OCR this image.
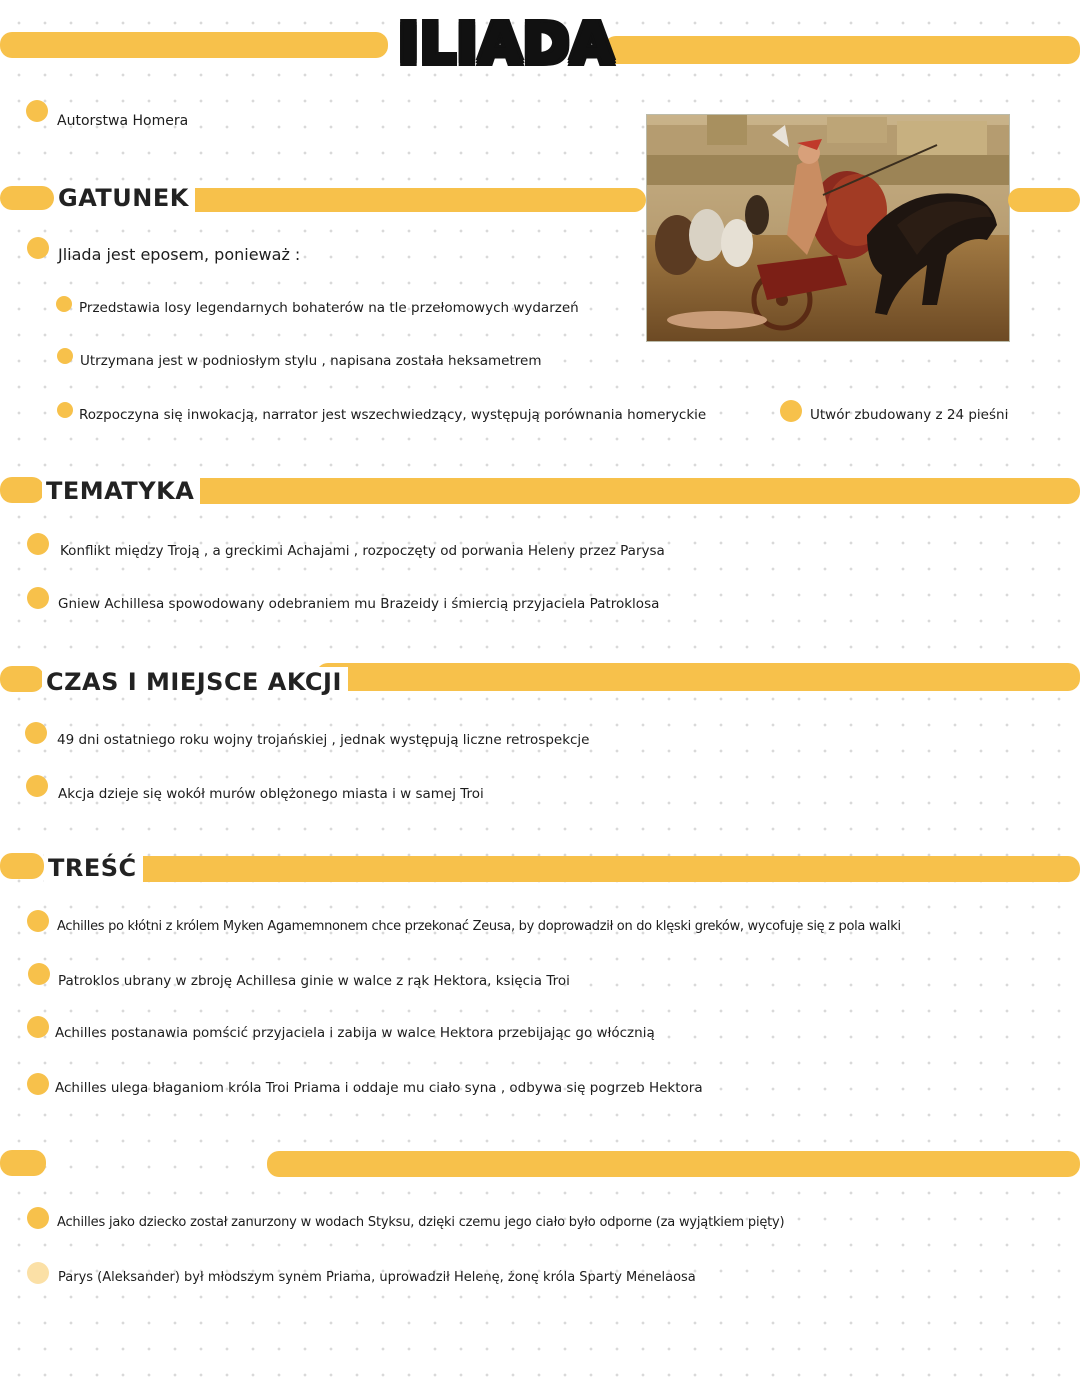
ILIADA
Autorstwa Homera
GATUNEK
Jliada jest eposem, ponieważ :
Przedstawia losy legendarnych bohaterów na tle przełomowych wydarzeń
Utrzymana jest w podniosłym stylu , napisana została heksametrem
Rozpoczyna się inwokacją, narrator jest wszechwiedzący, występują porównania homeryckie	Utwór zbudowany z 24 pieśni
TEMATYKA
Konflikt między Troją , a greckimi Achajami , rozpoczęty od porwania Heleny przez Parysa
Gniew Achillesa spowodowany odebraniem mu Brazeidy i śmiercią przyjaciela Patroklosa
CZAS I MIEJSCE AKCJI
49 dni ostatniego roku wojny trojańskiej , jednak występują liczne retrospekcje
Akcja dzieje się wokół murów oblężonego miasta i w samej Troi
TREŚĆ
Achilles po kłótni z królem Myken Agamemnonem chce przekonać Zeusa, by doprowadził on do klęski greków, wycofuje się z pola walki
Patroklos ubrany w zbroję Achillesa ginie w walce z rąk Hektora, księcia Troi
Achilles postanawia pomścić przyjaciela i zabija w walce Hektora przebijając go włócznią
Achilles ulega błaganiom króla Troi Priama i oddaje mu ciało syna , odbywa się pogrzeb Hektora
Achilles jako dziecko został zanurzony w wodach Styksu, dzięki czemu jego ciało było odporne (za wyjątkiem pięty)
Parys (Aleksander) był młodszym synem Priama, uprowadził Helenę, żonę króla Sparty Menelaosa
